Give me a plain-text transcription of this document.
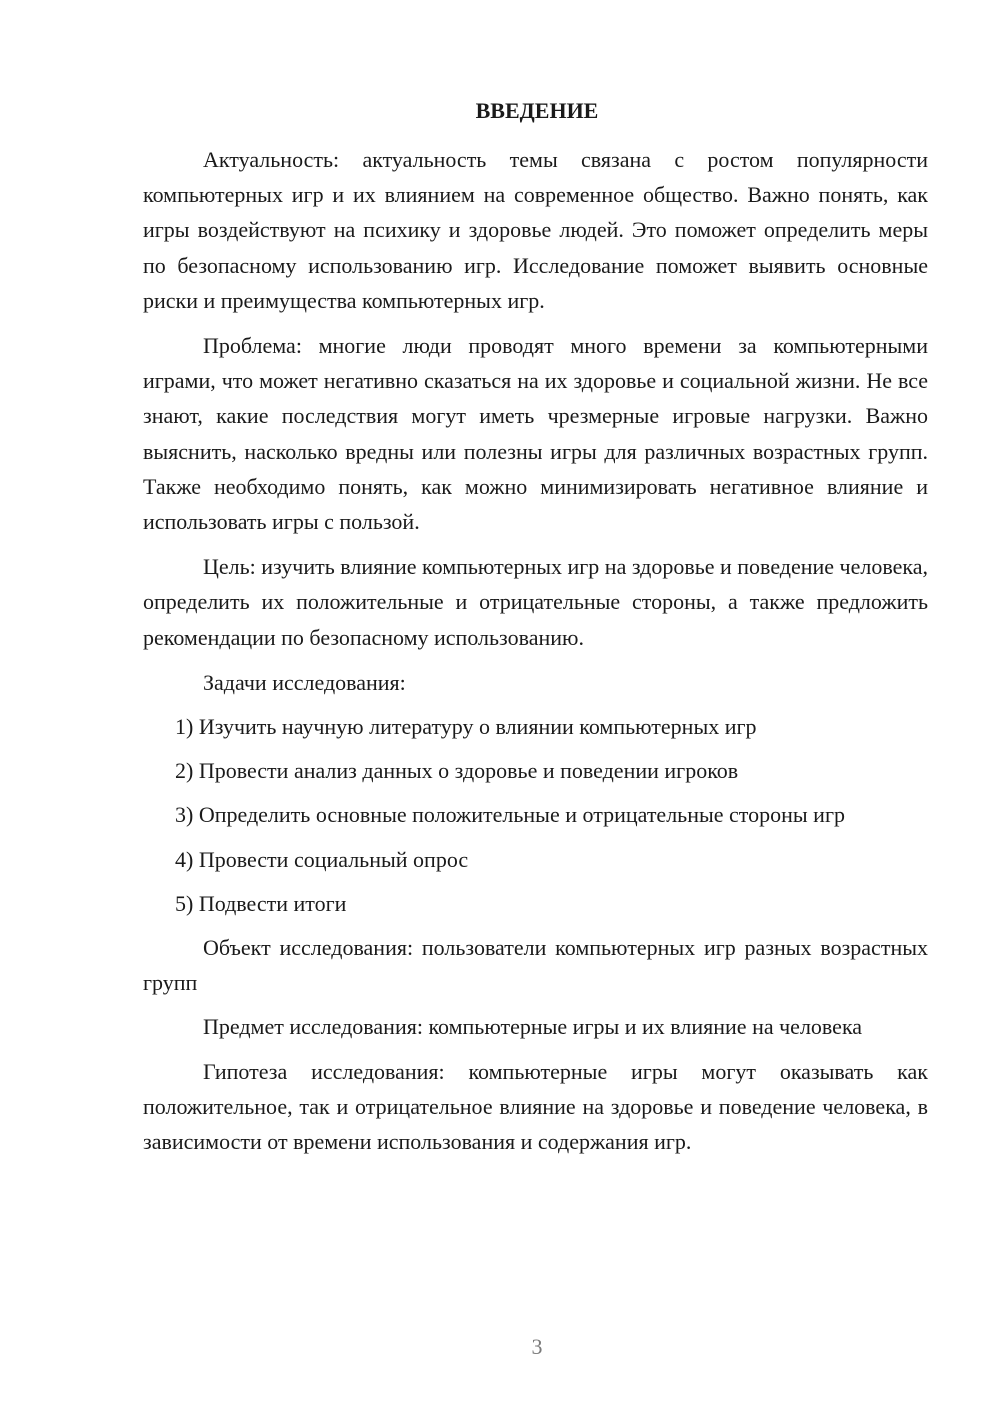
ВВЕДЕНИЕ

Актуальность: актуальность темы связана с ростом популярности компьютерных игр и их влиянием на современное общество. Важно понять, как игры воздействуют на психику и здоровье людей. Это поможет определить меры по безопасному использованию игр. Исследование поможет выявить основные риски и преимущества компьютерных игр.

Проблема: многие люди проводят много времени за компьютерными играми, что может негативно сказаться на их здоровье и социальной жизни. Не все знают, какие последствия могут иметь чрезмерные игровые нагрузки. Важно выяснить, насколько вредны или полезны игры для различных возрастных групп. Также необходимо понять, как можно минимизировать негативное влияние и использовать игры с пользой.

Цель: изучить влияние компьютерных игр на здоровье и поведение человека, определить их положительные и отрицательные стороны, а также предложить рекомендации по безопасному использованию.

Задачи исследования:

1) Изучить научную литературу о влиянии компьютерных игр

2) Провести анализ данных о здоровье и поведении игроков

3) Определить основные положительные и отрицательные стороны игр

4) Провести социальный опрос

5) Подвести итоги

Объект исследования: пользователи компьютерных игр разных возрастных групп

Предмет исследования: компьютерные игры и их влияние на человека

Гипотеза исследования: компьютерные игры могут оказывать как положительное, так и отрицательное влияние на здоровье и поведение человека, в зависимости от времени использования и содержания игр.

3
